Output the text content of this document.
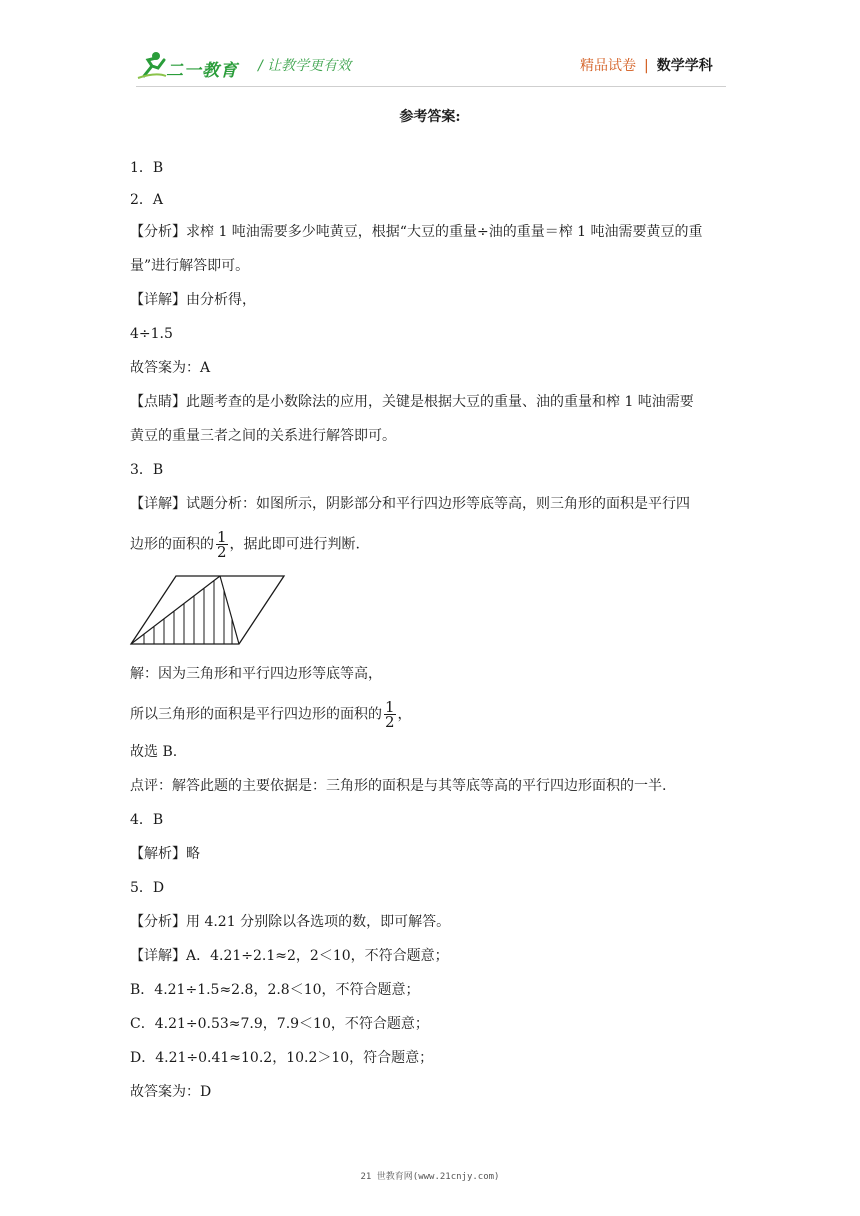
二一教育 / 让教学更有效	精品试卷 | 数学学科
参考答案:
1．B
2．A
【分析】求榨 1 吨油需要多少吨黄豆，根据“大豆的重量÷油的重量＝榨 1 吨油需要黄豆的重
量”进行解答即可。
【详解】由分析得，
4÷1.5
故答案为：A
【点睛】此题考查的是小数除法的应用，关键是根据大豆的重量、油的重量和榨 1 吨油需要
黄豆的重量三者之间的关系进行解答即可。
3．B
【详解】试题分析：如图所示，阴影部分和平行四边形等底等高，则三角形的面积是平行四
边形的面积的 $\frac{1}{2}$ ，据此即可进行判断.
解：因为三角形和平行四边形等底等高，
所以三角形的面积是平行四边形的面积的 $\frac{1}{2}$ ，
故选 B.
点评：解答此题的主要依据是：三角形的面积是与其等底等高的平行四边形面积的一半.
4．B
【解析】略
5．D
【分析】用 4.21 分别除以各选项的数，即可解答。
【详解】A．4.21÷2.1≈2，2＜10，不符合题意；
B．4.21÷1.5≈2.8，2.8＜10，不符合题意；
C．4.21÷0.53≈7.9，7.9＜10，不符合题意；
D．4.21÷0.41≈10.2，10.2＞10，符合题意；
故答案为：D
21 世教育网(www.21cnjy.com)
